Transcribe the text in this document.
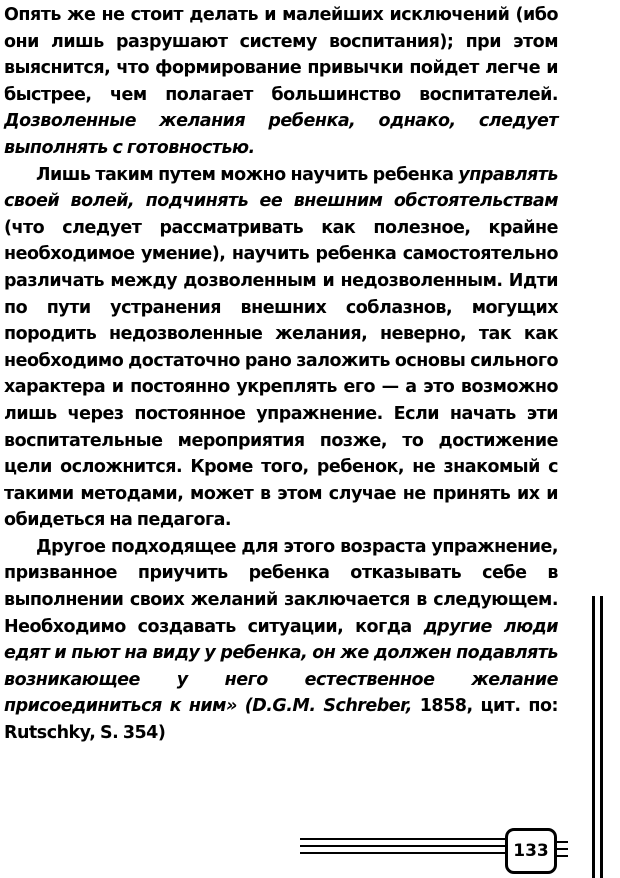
Опять же не стоит делать и малейших исключений (ибо они лишь разрушают систему воспитания); при этом выяснится, что формирование привычки пойдет легче и быстрее, чем полагает большинство воспитателей. Дозволенные желания ребенка, однако, следует выполнять с готовностью.

Лишь таким путем можно научить ребенка управлять своей волей, подчинять ее внешним обстоятельствам (что следует рассматривать как полезное, крайне необходимое умение), научить ребенка самостоятельно различать между дозволенным и недозволенным. Идти по пути устранения внешних соблазнов, могущих породить недозволенные желания, неверно, так как необходимо достаточно рано заложить основы сильного характера и постоянно укреплять его — а это возможно лишь через постоянное упражнение. Если начать эти воспитательные мероприятия позже, то достижение цели осложнится. Кроме того, ребенок, не знакомый с такими методами, может в этом случае не принять их и обидеться на педагога.

Другое подходящее для этого возраста упражнение, призванное приучить ребенка отказывать себе в выполнении своих желаний заключается в следующем. Необходимо создавать ситуации, когда другие люди едят и пьют на виду у ребенка, он же должен подавлять возникающее у него естественное желание присоединиться к ним» (D.G.M. Schreber, 1858, цит. по: Rutschky, S. 354)

133
